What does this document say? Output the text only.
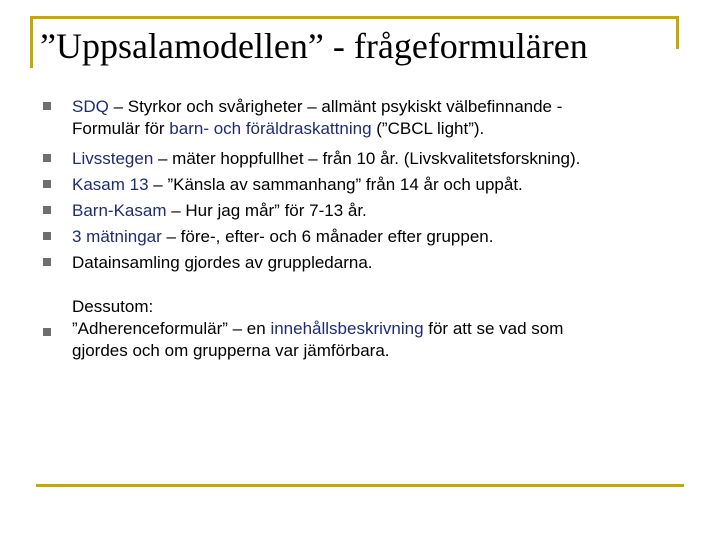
”Uppsalamodellen” - frågeformulären
SDQ – Styrkor och svårigheter – allmänt psykiskt välbefinnande -
Formulär för barn- och föräldraskattning (”CBCL light”).
Livsstegen – mäter hoppfullhet – från 10 år. (Livskvalitetsforskning).
Kasam 13 – ”Känsla av sammanhang” från 14 år och uppåt.
Barn-Kasam – Hur jag mår” för 7-13 år.
3 mätningar – före-, efter- och 6 månader efter gruppen.
Datainsamling gjordes av gruppledarna.
Dessutom:
”Adherenceformulär” – en innehållsbeskrivning för att se vad som
gjordes och om grupperna var jämförbara.
